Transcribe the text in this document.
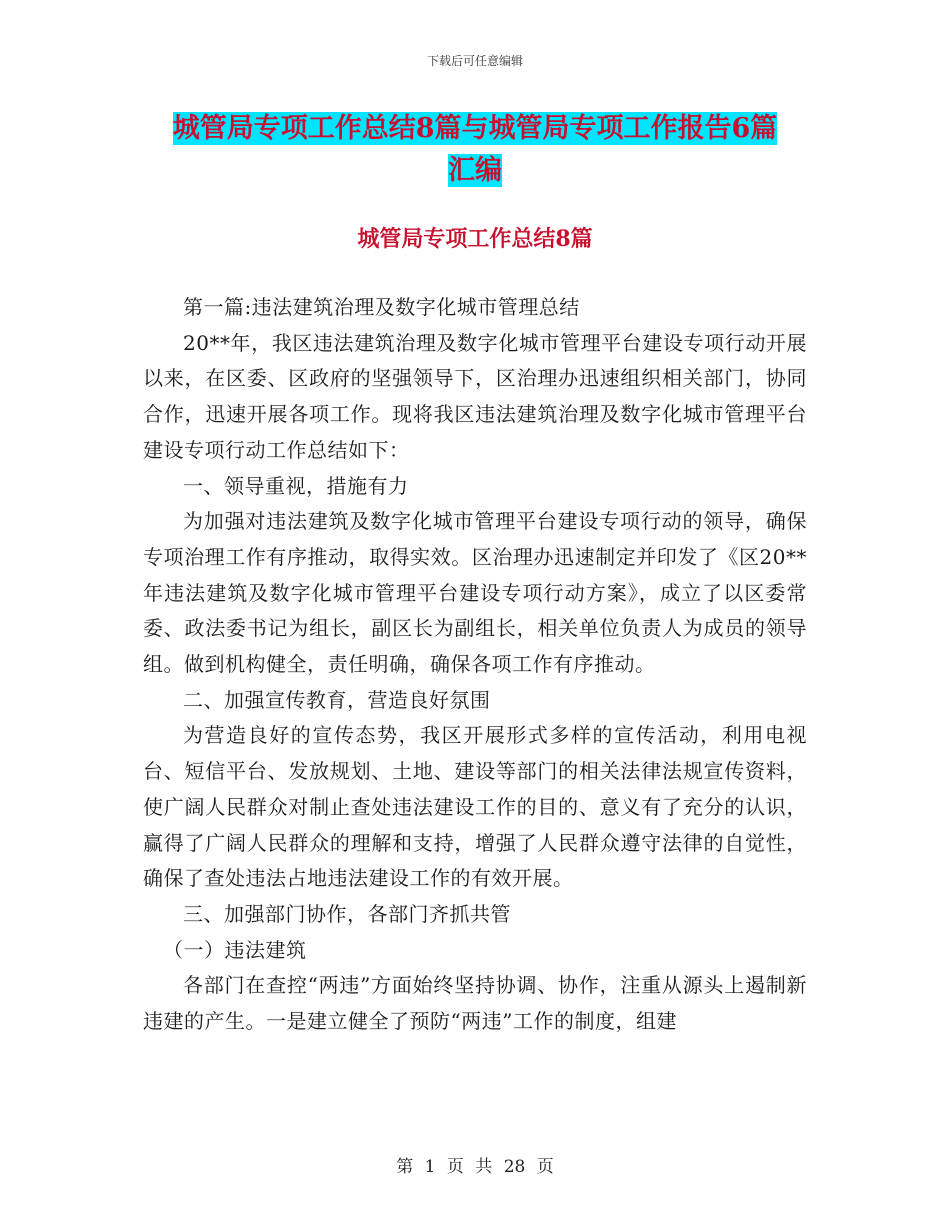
下载后可任意编辑
城管局专项工作总结8篇与城管局专项工作报告6篇
汇编
城管局专项工作总结8篇

第一篇:违法建筑治理及数字化城市管理总结

20**年，我区违法建筑治理及数字化城市管理平台建设专项行动开展以来，在区委、区政府的坚强领导下，区治理办迅速组织相关部门，协同合作，迅速开展各项工作。现将我区违法建筑治理及数字化城市管理平台建设专项行动工作总结如下：

一、领导重视，措施有力

为加强对违法建筑及数字化城市管理平台建设专项行动的领导，确保专项治理工作有序推动，取得实效。区治理办迅速制定并印发了《区20**年违法建筑及数字化城市管理平台建设专项行动方案》，成立了以区委常委、政法委书记为组长，副区长为副组长，相关单位负责人为成员的领导组。做到机构健全，责任明确，确保各项工作有序推动。

二、加强宣传教育，营造良好氛围

为营造良好的宣传态势，我区开展形式多样的宣传活动，利用电视台、短信平台、发放规划、土地、建设等部门的相关法律法规宣传资料，使广阔人民群众对制止查处违法建设工作的目的、意义有了充分的认识，赢得了广阔人民群众的理解和支持，增强了人民群众遵守法律的自觉性，确保了查处违法占地违法建设工作的有效开展。

三、加强部门协作，各部门齐抓共管

（一）违法建筑

各部门在查控“两违”方面始终坚持协调、协作，注重从源头上遏制新违建的产生。一是建立健全了预防“两违”工作的制度，组建

第 1 页 共 28 页
